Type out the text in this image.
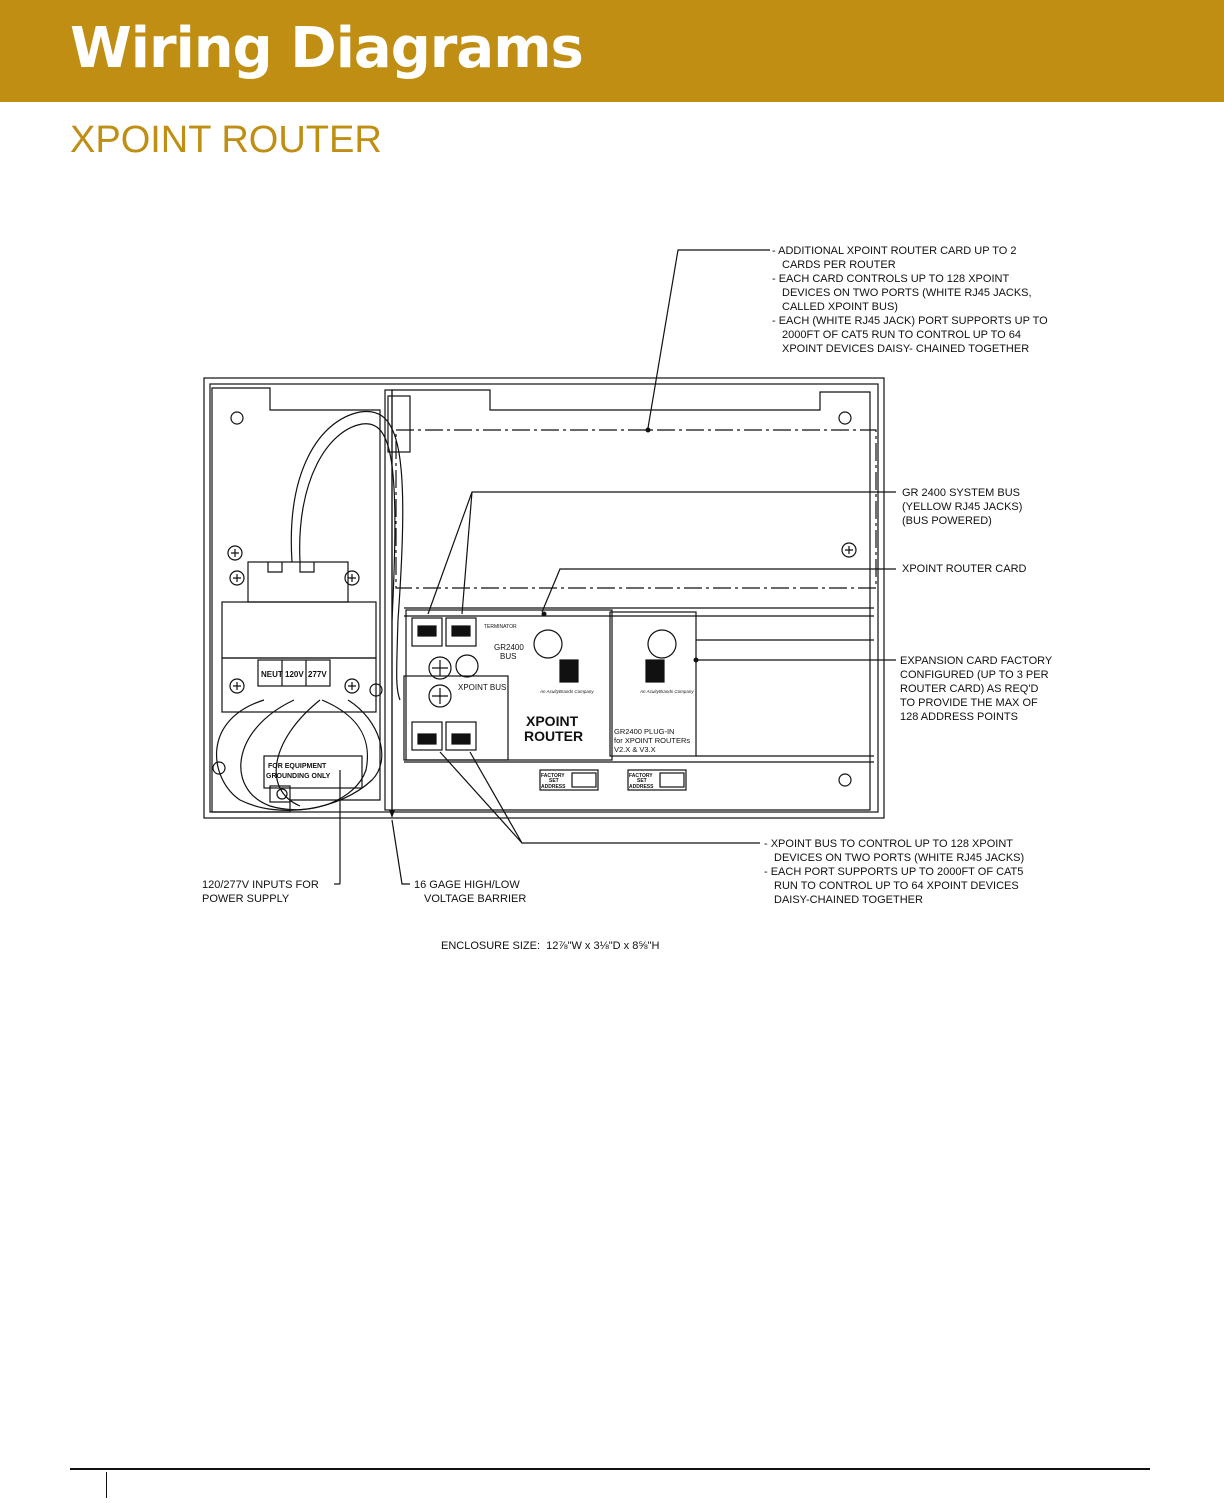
Wiring Diagrams
XPOINT ROUTER
NEUT 120V 277V
FOR EQUIPMENT
GROUNDING ONLY
GR2400
BUS
TERMINATOR
XPOINT BUS	An AcuityBrands Company	An AcuityBrands Company
GR2400 PLUG-IN
for XPOINT ROUTERs
V2.X & V3.X
FACTORY
SET
ADDRESS
FACTORY
SET
ADDRESS
XPOINT
ROUTER

- ADDITIONAL XPOINT ROUTER CARD UP TO 2

CARDS PER ROUTER

- EACH CARD CONTROLS UP TO 128 XPOINT

DEVICES ON TWO PORTS (WHITE RJ45 JACKS,

CALLED XPOINT BUS)

- EACH (WHITE RJ45 JACK) PORT SUPPORTS UP TO

2000FT OF CAT5 RUN TO CONTROL UP TO 64

XPOINT DEVICES DAISY- CHAINED TOGETHER

GR 2400 SYSTEM BUS

(YELLOW RJ45 JACKS)

(BUS POWERED)

XPOINT ROUTER CARD

EXPANSION CARD FACTORY

CONFIGURED (UP TO 3 PER

ROUTER CARD) AS REQ'D

TO PROVIDE THE MAX OF

128 ADDRESS POINTS

- XPOINT BUS TO CONTROL UP TO 128 XPOINT

DEVICES ON TWO PORTS (WHITE RJ45 JACKS)

- EACH PORT SUPPORTS UP TO 2000FT OF CAT5

RUN TO CONTROL UP TO 64 XPOINT DEVICES

DAISY-CHAINED TOGETHER

120/277V INPUTS FOR

POWER SUPPLY

16 GAGE HIGH/LOW

VOLTAGE BARRIER

ENCLOSURE SIZE: 12⅞"W x 3⅛"D x 8⅝"H
